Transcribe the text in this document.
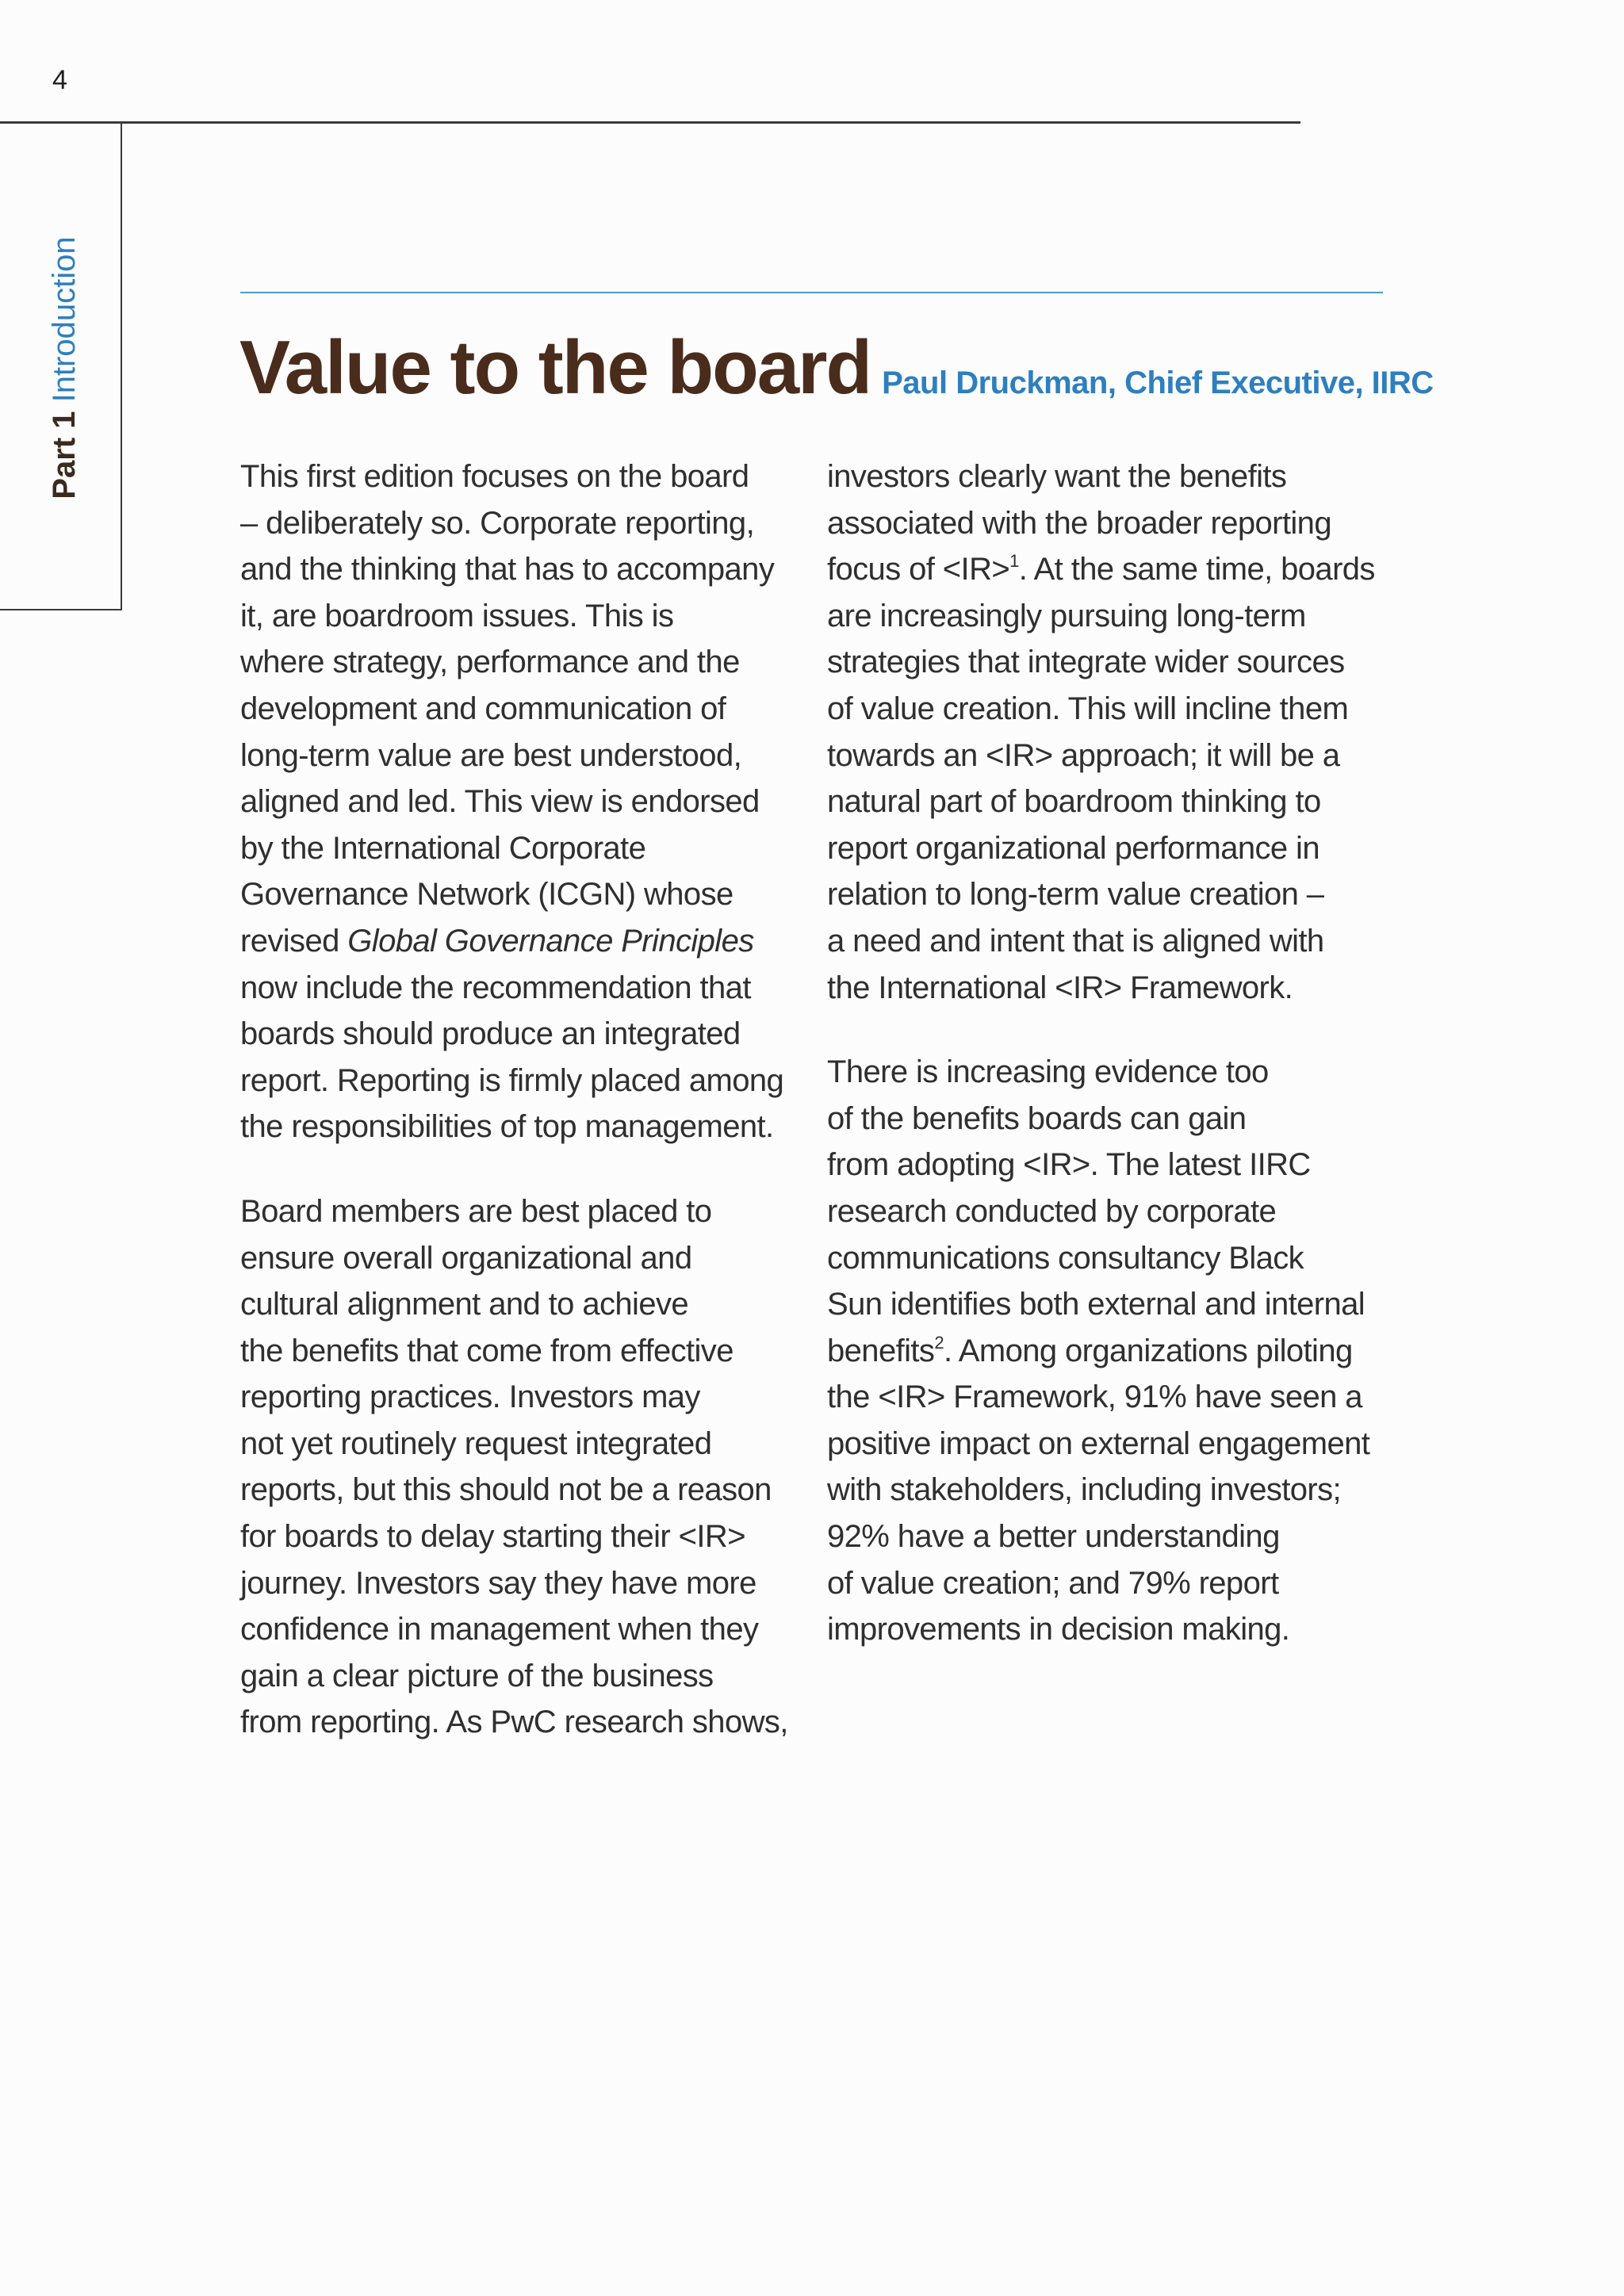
4
Part 1 Introduction Value to the board Paul Druckman, Chief Executive, IIRC

This first edition focuses on the board
– deliberately so. Corporate reporting,
and the thinking that has to accompany
it, are boardroom issues. This is
where strategy, performance and the
development and communication of
long-term value are best understood,
aligned and led. This view is endorsed
by the International Corporate
Governance Network (ICGN) whose
revised Global Governance Principles
now include the recommendation that
boards should produce an integrated
report. Reporting is firmly placed among
the responsibilities of top management.

Board members are best placed to
ensure overall organizational and
cultural alignment and to achieve
the benefits that come from effective
reporting practices. Investors may
not yet routinely request integrated
reports, but this should not be a reason
for boards to delay starting their <IR>
journey. Investors say they have more
confidence in management when they
gain a clear picture of the business
from reporting. As PwC research shows,

investors clearly want the benefits
associated with the broader reporting
focus of <IR>$^1$. At the same time, boards
are increasingly pursuing long-term
strategies that integrate wider sources
of value creation. This will incline them
towards an <IR> approach; it will be a
natural part of boardroom thinking to
report organizational performance in
relation to long-term value creation –
a need and intent that is aligned with
the International <IR> Framework.

There is increasing evidence too
of the benefits boards can gain
from adopting <IR>. The latest IIRC
research conducted by corporate
communications consultancy Black
Sun identifies both external and internal
benefits$^2$. Among organizations piloting
the <IR> Framework, 91% have seen a
positive impact on external engagement
with stakeholders, including investors;
92% have a better understanding
of value creation; and 79% report
improvements in decision making.
